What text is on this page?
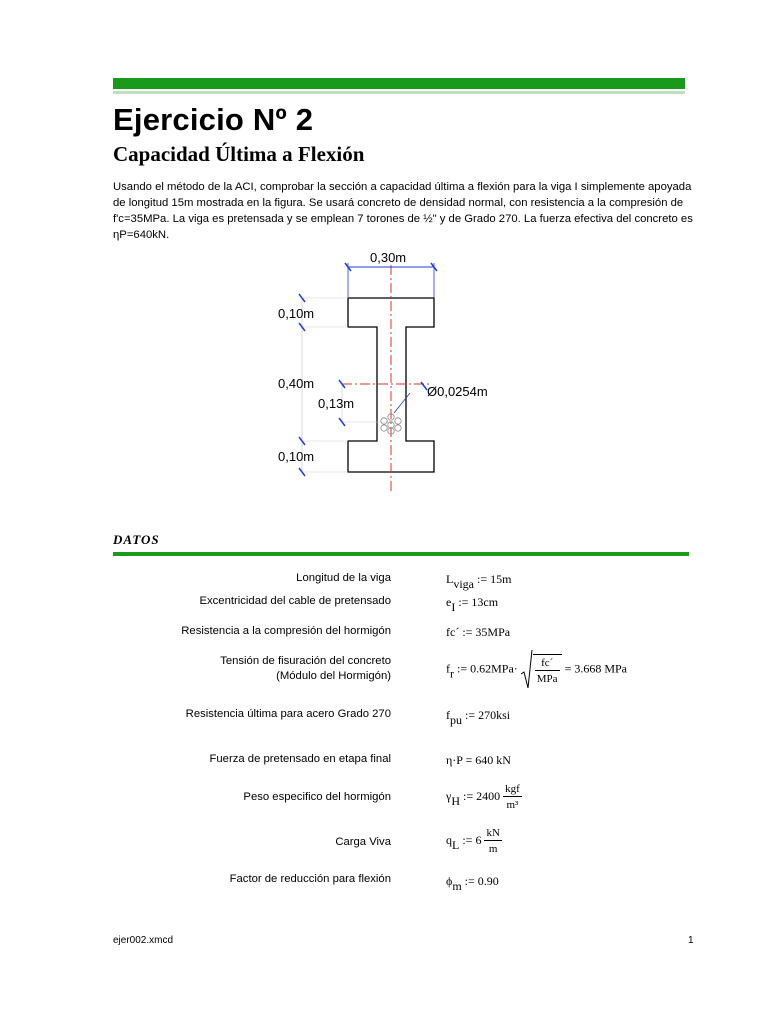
Ejercicio Nº 2
Capacidad Última a Flexión

Usando el método de la ACI, comprobar la sección a capacidad última a flexión para la viga I simplemente apoyada de longitud 15m mostrada en la figura. Se usará concreto de densidad normal, con resistencia a la compresión de f'c=35MPa. La viga es pretensada y se emplean 7 torones de ½" y de Grado 270. La fuerza efectiva del concreto es ηP=640kN.

0,30m
0,10m
0,40m
0,10m
0,13m
Ø0,0254m
DATOS
Longitud de la viga	$L_{viga}$ := 15m
Excentricidad del cable de pretensado	$e_I$ := 13cm
Resistencia a la compresión del hormigón	fc´ := 35MPa
Tensión de fisuración del concreto
(Módulo del Hormigón)
$f_r$ := $0.62MPa\cdot \frac{fc´}{\text{MPa}} = 3.668$ MPa
Resistencia última para acero Grado 270	$f_{pu}$ := 270ksi
Fuerza de pretensado en etapa final	η·P = 640 kN
Peso especifico del hormigón	$\gamma_H$ := $2400 \frac{\text{kgf}}{\text{m³}}$
Carga Viva	$q_L$ := $6 \frac{kN}{m}$
Factor de reducción para flexión	$\phi_m$ := 0.90
ejer002.xmcd	1
